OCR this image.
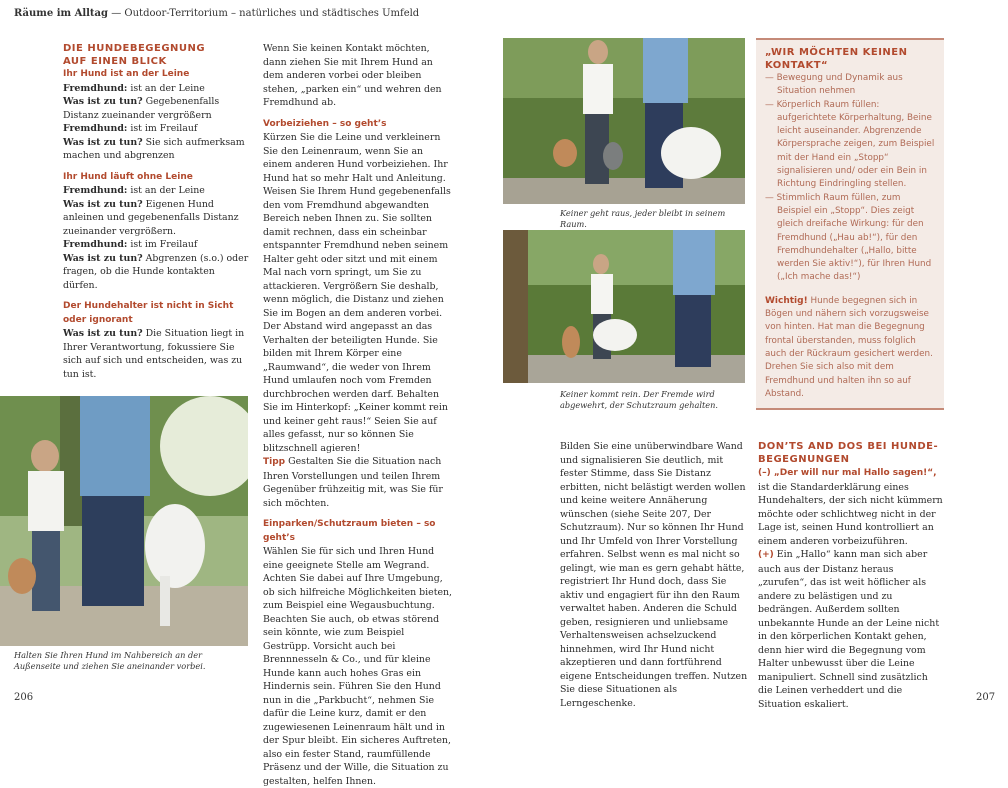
Räume im Alltag — Outdoor-Territorium – natürliches und städtisches Umfeld
DIE HUNDEBEGEGNUNG
AUF EINEN BLICK
Ihr Hund ist an der Leine

Fremdhund: ist an der Leine

Was ist zu tun? Gegebenenfalls Distanz zueinander vergrößern

Fremdhund: ist im Freilauf

Was ist zu tun? Sie sich aufmerksam machen und abgrenzen

Ihr Hund läuft ohne Leine

Fremdhund: ist an der Leine

Was ist zu tun? Eigenen Hund anleinen und gegebenenfalls Distanz zueinander vergrößern.

Fremdhund: ist im Freilauf

Was ist zu tun? Abgrenzen (s.o.) oder fragen, ob die Hunde kontakten dürfen.

Der Hundehalter ist nicht in Sicht
oder ignorant

Was ist zu tun? Die Situation liegt in Ihrer Verantwortung, fokussiere Sie sich auf sich und entscheiden, was zu tun ist.

Halten Sie Ihren Hund im Nahbereich an der Außenseite und ziehen Sie aneinander vorbei.

Wenn Sie keinen Kontakt möchten, dann ziehen Sie mit Ihrem Hund an dem anderen vorbei oder bleiben stehen, „parken ein“ und wehren den Fremdhund ab.

Vorbeiziehen – so geht’s

Kürzen Sie die Leine und verkleinern Sie den Leinenraum, wenn Sie an einem anderen Hund vorbeiziehen. Ihr Hund hat so mehr Halt und Anleitung. Weisen Sie Ihrem Hund gegebenenfalls den vom Fremdhund abgewandten Bereich neben Ihnen zu. Sie sollten damit rechnen, dass ein scheinbar entspannter Fremdhund neben seinem Halter geht oder sitzt und mit einem Mal nach vorn springt, um Sie zu attackieren. Vergrößern Sie deshalb, wenn möglich, die Distanz und ziehen Sie im Bogen an dem anderen vorbei. Der Abstand wird angepasst an das Verhalten der beteiligten Hunde. Sie bilden mit Ihrem Körper eine „Raumwand“, die weder von Ihrem Hund umlaufen noch vom Fremden durchbrochen werden darf. Behalten Sie im Hinterkopf: „Keiner kommt rein und keiner geht raus!“ Seien Sie auf alles gefasst, nur so können Sie blitzschnell agieren!

Tipp Gestalten Sie die Situation nach Ihren Vorstellungen und teilen Ihrem Gegenüber frühzeitig mit, was Sie für sich möchten.

Einparken/Schutzraum bieten – so geht’s

Wählen Sie für sich und Ihren Hund eine geeignete Stelle am Wegrand. Achten Sie dabei auf Ihre Umgebung, ob sich hilfreiche Möglichkeiten bieten, zum Beispiel eine Wegausbuchtung. Beachten Sie auch, ob etwas störend sein könnte, wie zum Beispiel Gestrüpp. Vorsicht auch bei Brennnesseln & Co., und für kleine Hunde kann auch hohes Gras ein Hindernis sein. Führen Sie den Hund nun in die „Parkbucht“, nehmen Sie dafür die Leine kurz, damit er den zugewiesenen Leinenraum hält und in der Spur bleibt. Ein sicheres Auftreten, also ein fester Stand, raumfüllende Präsenz und der Wille, die Situation zu gestalten, helfen Ihnen.

Keiner geht raus, jeder bleibt in seinem Raum.
Keiner kommt rein. Der Fremde wird abgewehrt, der Schutzraum gehalten.

Bilden Sie eine unüberwindbare Wand und signalisieren Sie deutlich, mit fester Stimme, dass Sie Distanz erbitten, nicht belästigt werden wollen und keine weitere Annäherung wünschen (siehe Seite 207, Der Schutzraum). Nur so können Ihr Hund und Ihr Umfeld von Ihrer Vorstellung erfahren. Selbst wenn es mal nicht so gelingt, wie man es gern gehabt hätte, registriert Ihr Hund doch, dass Sie aktiv und engagiert für ihn den Raum verwaltet haben. Anderen die Schuld geben, resignieren und unliebsame Verhaltensweisen achselzuckend hinnehmen, wird Ihr Hund nicht akzeptieren und dann fortführend eigene Entscheidungen treffen. Nutzen Sie diese Situationen als Lerngeschenke.

„WIR MÖCHTEN KEINEN
KONTAKT“
— Bewegung und Dynamik aus Situation nehmen
— Körperlich Raum füllen: aufgerichtete Körperhaltung, Beine leicht auseinander. Abgrenzende Körpersprache zeigen, zum Beispiel mit der Hand ein „Stopp“ signalisieren und/ oder ein Bein in Richtung Eindringling stellen.
— Stimmlich Raum füllen, zum Beispiel ein „Stopp“. Dies zeigt gleich dreifache Wirkung: für den Fremdhund („Hau ab!“), für den Fremdhundehalter („Hallo, bitte werden Sie aktiv!“), für Ihren Hund („Ich mache das!“)

Wichtig! Hunde begegnen sich in Bögen und nähern sich vorzugsweise von hinten. Hat man die Begegnung frontal überstanden, muss folglich auch der Rückraum gesichert werden. Drehen Sie sich also mit dem Fremdhund und halten ihn so auf Abstand.

DON’TS AND DOS BEI HUNDE-
BEGEGNUNGEN

(–) „Der will nur mal Hallo sagen!“, ist die Standarderklärung eines Hundehalters, der sich nicht kümmern möchte oder schlichtweg nicht in der Lage ist, seinen Hund kontrolliert an einem anderen vorbeizuführen.

(+) Ein „Hallo“ kann man sich aber auch aus der Distanz heraus „zurufen“, das ist weit höflicher als andere zu belästigen und zu bedrängen. Außerdem sollten unbekannte Hunde an der Leine nicht in den körperlichen Kontakt gehen, denn hier wird die Begegnung vom Halter unbewusst über die Leine manipuliert. Schnell sind zusätzlich die Leinen verheddert und die Situation eskaliert.

206	207
